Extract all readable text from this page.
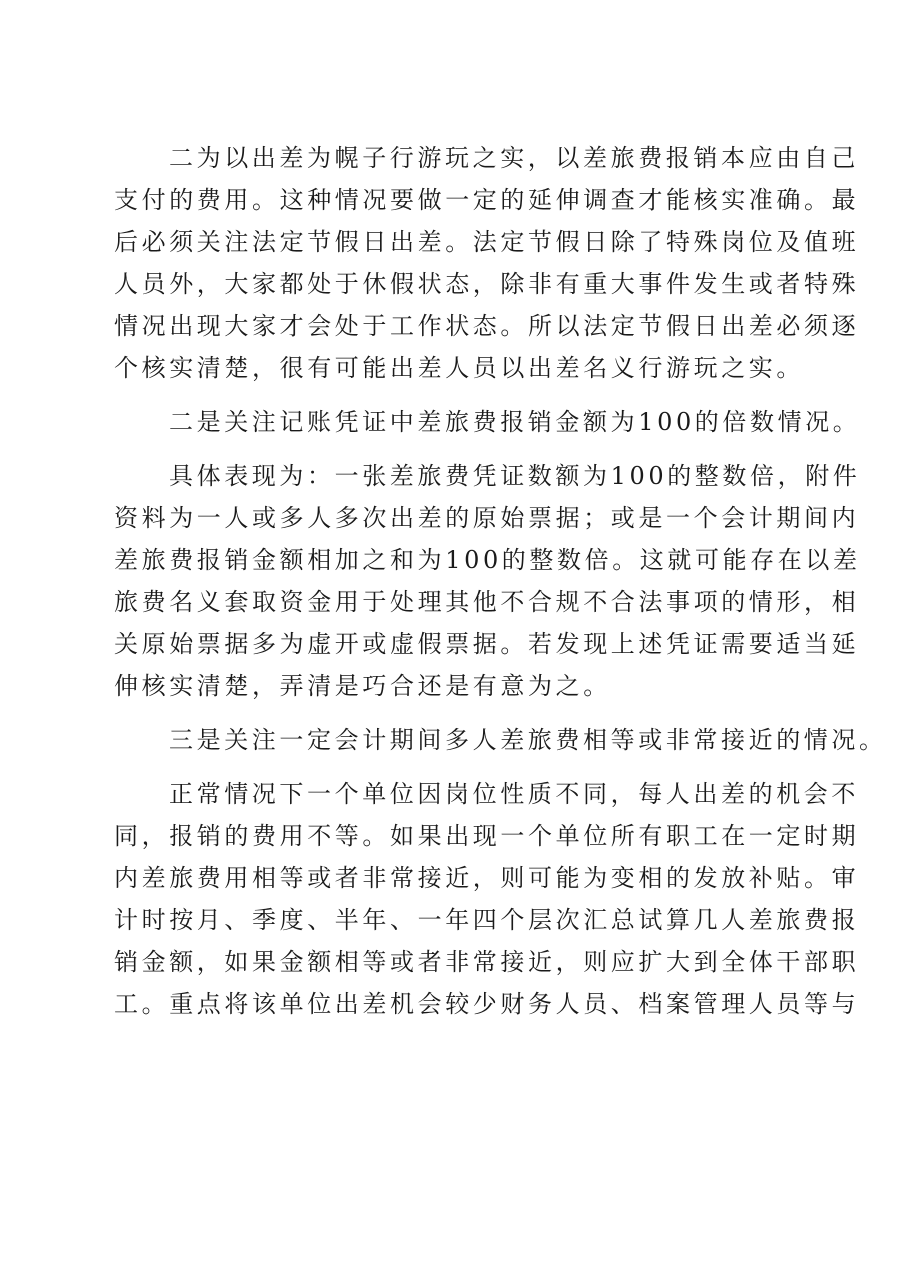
二为以出差为幌子行游玩之实，以差旅费报销本应由自己
支付的费用。这种情况要做一定的延伸调查才能核实准确。最
后必须关注法定节假日出差。法定节假日除了特殊岗位及值班
人员外，大家都处于休假状态，除非有重大事件发生或者特殊
情况出现大家才会处于工作状态。所以法定节假日出差必须逐
个核实清楚，很有可能出差人员以出差名义行游玩之实。
二是关注记账凭证中差旅费报销金额为100的倍数情况。
具体表现为：一张差旅费凭证数额为100的整数倍，附件
资料为一人或多人多次出差的原始票据；或是一个会计期间内
差旅费报销金额相加之和为100的整数倍。这就可能存在以差
旅费名义套取资金用于处理其他不合规不合法事项的情形，相
关原始票据多为虚开或虚假票据。若发现上述凭证需要适当延
伸核实清楚，弄清是巧合还是有意为之。
三是关注一定会计期间多人差旅费相等或非常接近的情况。
正常情况下一个单位因岗位性质不同，每人出差的机会不
同，报销的费用不等。如果出现一个单位所有职工在一定时期
内差旅费用相等或者非常接近，则可能为变相的发放补贴。审
计时按月、季度、半年、一年四个层次汇总试算几人差旅费报
销金额，如果金额相等或者非常接近，则应扩大到全体干部职
工。重点将该单位出差机会较少财务人员、档案管理人员等与
